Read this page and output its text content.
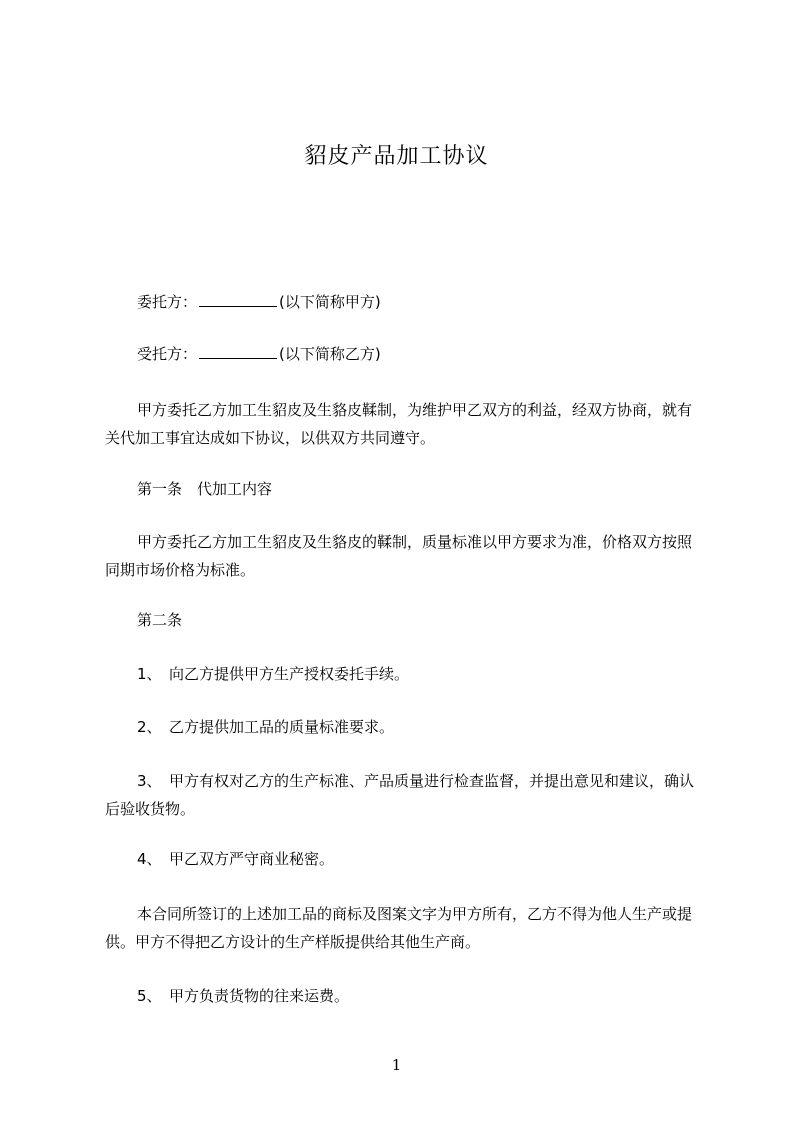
貂皮产品加工协议
委托方：	(以下简称甲方)
受托方：	(以下简称乙方)
甲方委托乙方加工生貂皮及生貉皮鞣制，为维护甲乙双方的利益，经双方协商，就有关代加工事宜达成如下协议，以供双方共同遵守。
第一条　代加工内容
甲方委托乙方加工生貂皮及生貉皮的鞣制，质量标准以甲方要求为准，价格双方按照同期市场价格为标准。
第二条
1、　向乙方提供甲方生产授权委托手续。
2、　乙方提供加工品的质量标准要求。
3、　甲方有权对乙方的生产标准、产品质量进行检查监督，并提出意见和建议，确认后验收货物。
4、　甲乙双方严守商业秘密。
本合同所签订的上述加工品的商标及图案文字为甲方所有，乙方不得为他人生产或提供。甲方不得把乙方设计的生产样版提供给其他生产商。
5、　甲方负责货物的往来运费。
1
